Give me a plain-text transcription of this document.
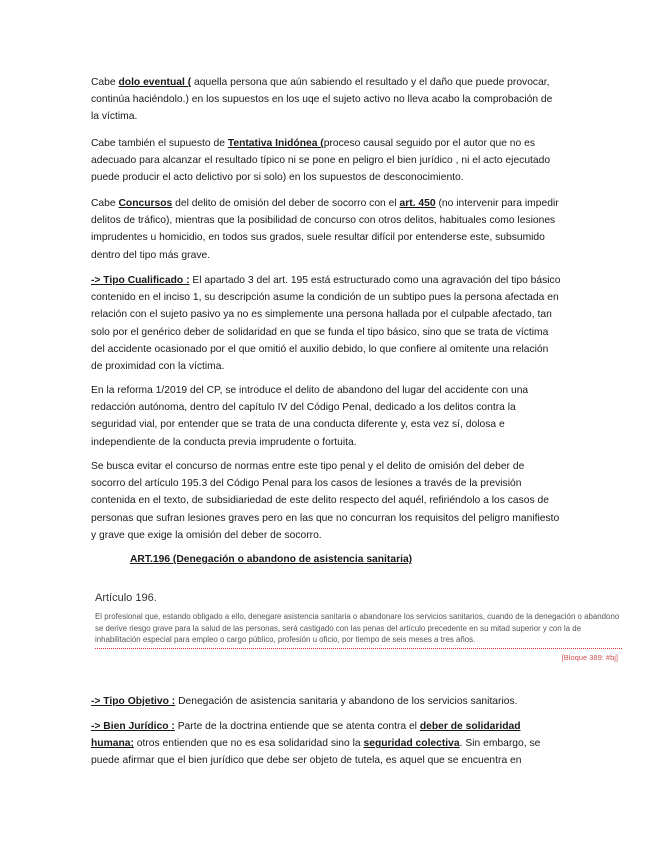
Cabe dolo eventual ( aquella persona que aún sabiendo el resultado y el daño que puede provocar, continúa haciéndolo.) en los supuestos en los uqe el sujeto activo no lleva acabo la comprobación de la víctima.

Cabe también el supuesto de Tentativa Inidónea (proceso causal seguido por el autor que no es adecuado para alcanzar el resultado típico ni se pone en peligro el bien jurídico , ni el acto ejecutado puede producir el acto delictivo por si solo) en los supuestos de desconocimiento.

Cabe Concursos del delito de omisión del deber de socorro con el art. 450 (no intervenir para impedir delitos de tráfico), mientras que la posibilidad de concurso con otros delitos, habituales como lesiones imprudentes u homicidio, en todos sus grados, suele resultar difícil por entenderse este, subsumido dentro del tipo más grave.

-> Tipo Cualificado : El apartado 3 del art. 195 está estructurado como una agravación del tipo básico contenido en el inciso 1, su descripción asume la condición de un subtipo pues la persona afectada en relación con el sujeto pasivo ya no es simplemente una persona hallada por el culpable afectado, tan solo por el genérico deber de solidaridad en que se funda el tipo básico, sino que se trata de víctima del accidente ocasionado por el que omitió el auxilio debido, lo que confiere al omitente una relación de proximidad con la víctima.

En la reforma 1/2019 del CP, se introduce el delito de abandono del lugar del accidente con una redacción autónoma, dentro del capítulo IV del Código Penal, dedicado a los delitos contra la seguridad vial, por entender que se trata de una conducta diferente y, esta vez sí, dolosa e independiente de la conducta previa imprudente o fortuita.

Se busca evitar el concurso de normas entre este tipo penal y el delito de omisión del deber de socorro del artículo 195.3 del Código Penal para los casos de lesiones a través de la previsión contenida en el texto, de subsidiariedad de este delito respecto del aquél, refiriéndolo a los casos de personas que sufran lesiones graves pero en las que no concurran los requisitos del peligro manifiesto y grave que exige la omisión del deber de socorro.

ART.196 (Denegación o abandono de asistencia sanitaria)
Artículo 196.

El profesional que, estando obligado a ello, denegare asistencia sanitaria o abandonare los servicios sanitarios, cuando de la denegación o abandono se derive riesgo grave para la salud de las personas, será castigado con las penas del artículo precedente en su mitad superior y con la de inhabilitación especial para empleo o cargo público, profesión u oficio, por tiempo de seis meses a tres años.

[Bloque 389: #bj]

-> Tipo Objetivo : Denegación de asistencia sanitaria y abandono de los servicios sanitarios.

-> Bien Jurídico : Parte de la doctrina entiende que se atenta contra el deber de solidaridad humana; otros entienden que no es esa solidaridad sino la seguridad colectiva. Sin embargo, se puede afirmar que el bien jurídico que debe ser objeto de tutela, es aquel que se encuentra en
